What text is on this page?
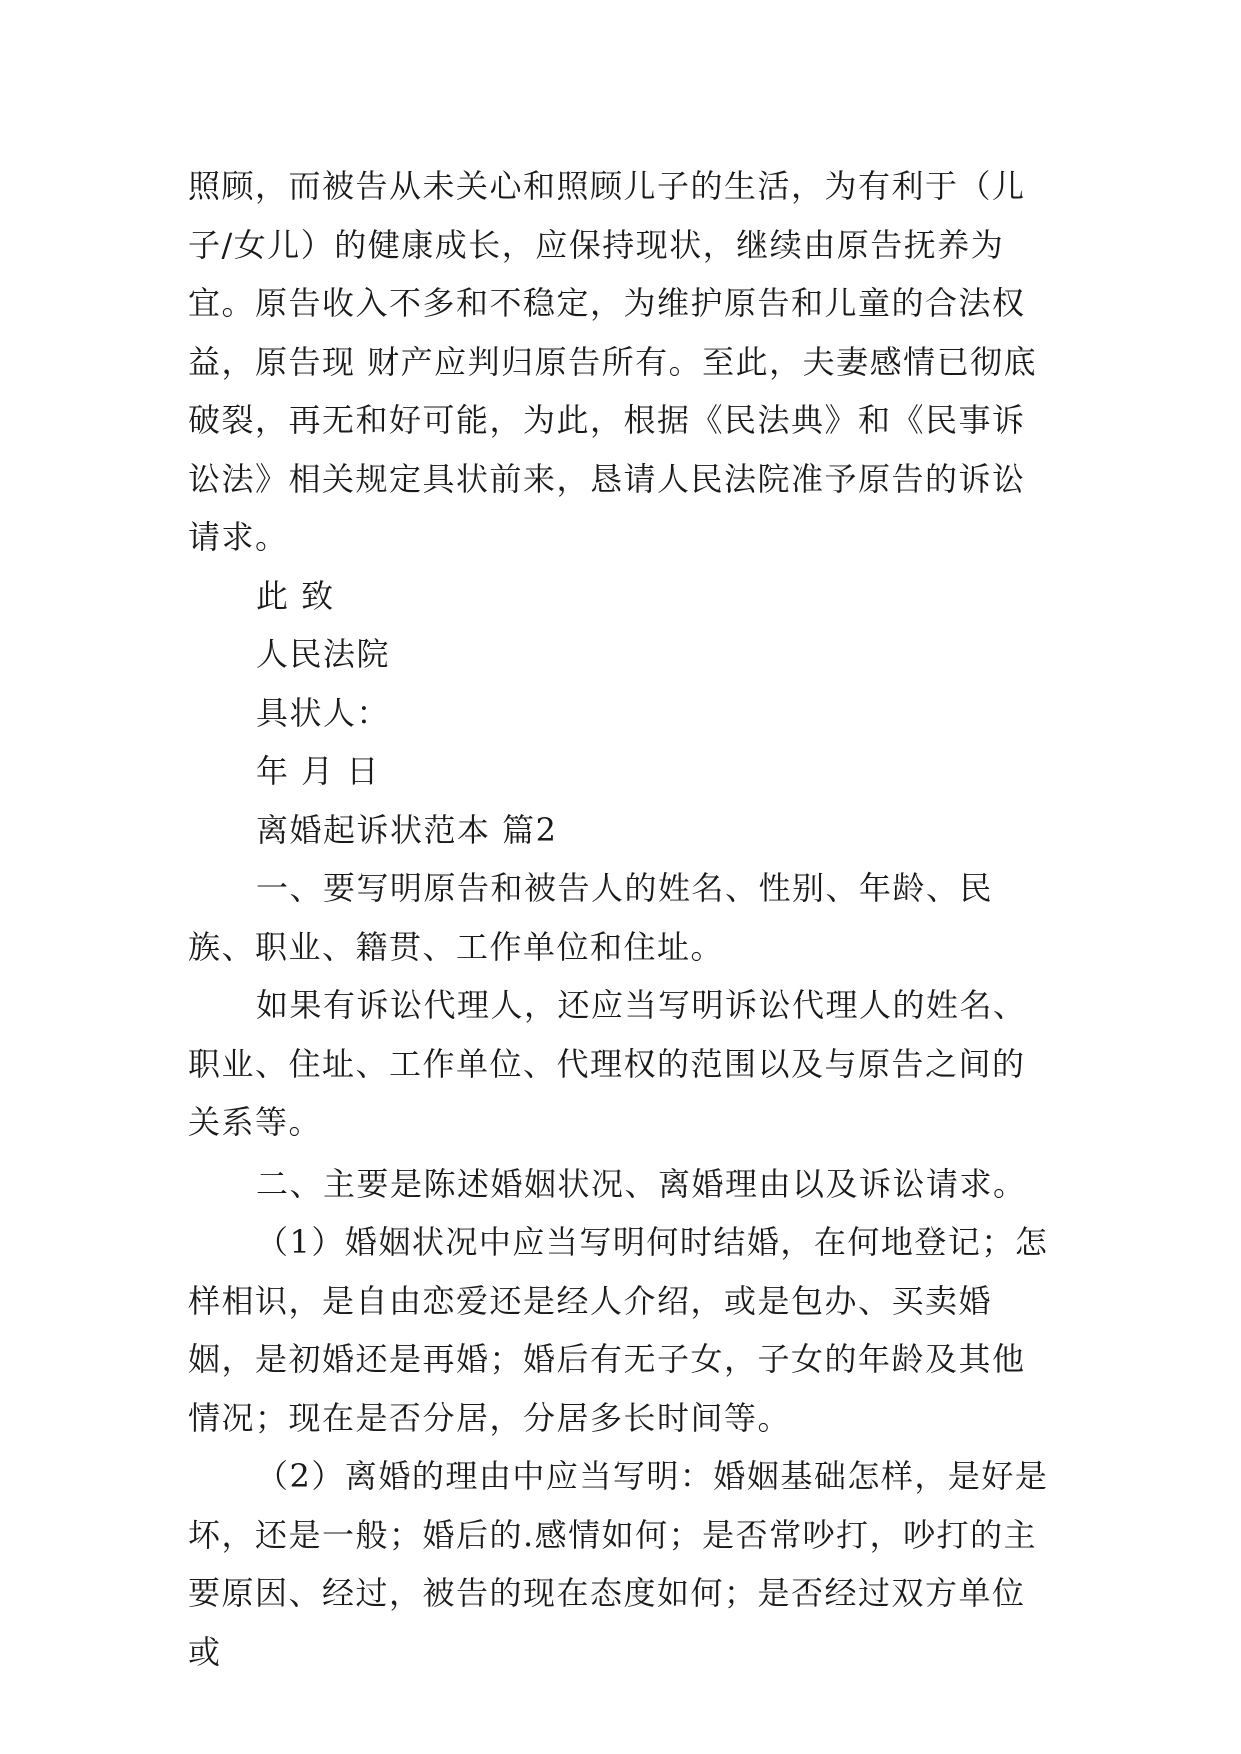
照顾，而被告从未关心和照顾儿子的生活，为有利于（儿子/女儿）的健康成长，应保持现状，继续由原告抚养为宜。原告收入不多和不稳定，为维护原告和儿童的合法权益，原告现 财产应判归原告所有。至此，夫妻感情已彻底破裂，再无和好可能，为此，根据《民法典》和《民事诉讼法》相关规定具状前来，恳请人民法院准予原告的诉讼请求。

此 致

人民法院

具状人：

年 月 日

离婚起诉状范本 篇2

一、要写明原告和被告人的姓名、性别、年龄、民族、职业、籍贯、工作单位和住址。

如果有诉讼代理人，还应当写明诉讼代理人的姓名、职业、住址、工作单位、代理权的范围以及与原告之间的关系等。

二、主要是陈述婚姻状况、离婚理由以及诉讼请求。

（1）婚姻状况中应当写明何时结婚，在何地登记；怎样相识，是自由恋爱还是经人介绍，或是包办、买卖婚姻，是初婚还是再婚；婚后有无子女，子女的年龄及其他情况；现在是否分居，分居多长时间等。

（2）离婚的理由中应当写明：婚姻基础怎样，是好是坏，还是一般；婚后的.感情如何；是否常吵打，吵打的主要原因、经过，被告的现在态度如何；是否经过双方单位或
